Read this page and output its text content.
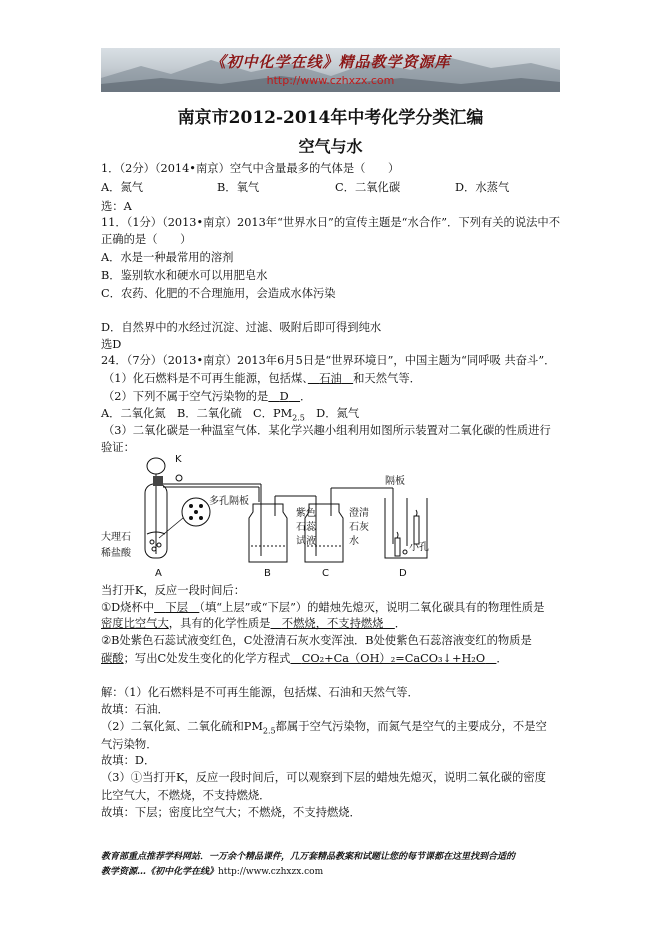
《初中化学在线》精品教学资源库
http://www.czhxzx.com
南京市2012-2014年中考化学分类汇编
空气与水
1．（2分）（2014•南京）空气中含量最多的气体是（　　）
A．氮气	B．氧气	C．二氧化碳	D．水蒸气
选：A
11．（1分）（2013•南京）2013年“世界水日”的宣传主题是“水合作”．下列有关的说法中不
正确的是（　　）
A．水是一种最常用的溶剂
B．鉴别软水和硬水可以用肥皂水
C．农药、化肥的不合理施用，会造成水体污染
D．自然界中的水经过沉淀、过滤、吸附后即可得到纯水
选D
24．（7分）（2013•南京）2013年6月5日是“世界环境日”，中国主题为“同呼吸 共奋斗”．
（1）化石燃料是不可再生能源，包括煤、　 石油　 和天然气等．
（2）下列不属于空气污染物的是　 D　 ．
A．二氧化氮　B．二氧化硫　C．$PM_{2.5}$　D．氮气
（3）二氧化碳是一种温室气体．某化学兴趣小组利用如图所示装置对二氧化碳的性质进行
验证：
K
多孔隔板
大理石
稀盐酸
紫色
石蕊
试液
澄清
石灰
水
隔板
小孔
A	B	C	D
当打开K，反应一段时间后：
①D烧杯中　 下层　 （填“上层”或“下层”）的蜡烛先熄灭，说明二氧化碳具有的物理性质是
密度比空气大，具有的化学性质是　 不燃烧，不支持燃烧　 ．
②B处紫色石蕊试液变红色，C处澄清石灰水变浑浊．B处使紫色石蕊溶液变红的物质是
碳酸；写出C处发生变化的化学方程式　 CO₂+Ca（OH）₂=CaCO₃↓+H₂O　 ．
解：（1）化石燃料是不可再生能源，包括煤、石油和天然气等．
故填：石油．
（2）二氧化氮、二氧化硫和$PM_{2.5}$都属于空气污染物，而氮气是空气的主要成分，不是空
气污染物．
故填：D．
（3）①当打开K，反应一段时间后，可以观察到下层的蜡烛先熄灭，说明二氧化碳的密度
比空气大，不燃烧，不支持燃烧．
故填：下层；密度比空气大；不燃烧，不支持燃烧．
教育部重点推荐学科网站．一万余个精品课件，几万套精品教案和试题让您的每节课都在这里找到合适的
教学资源…《初中化学在线》http://www.czhxzx.com
